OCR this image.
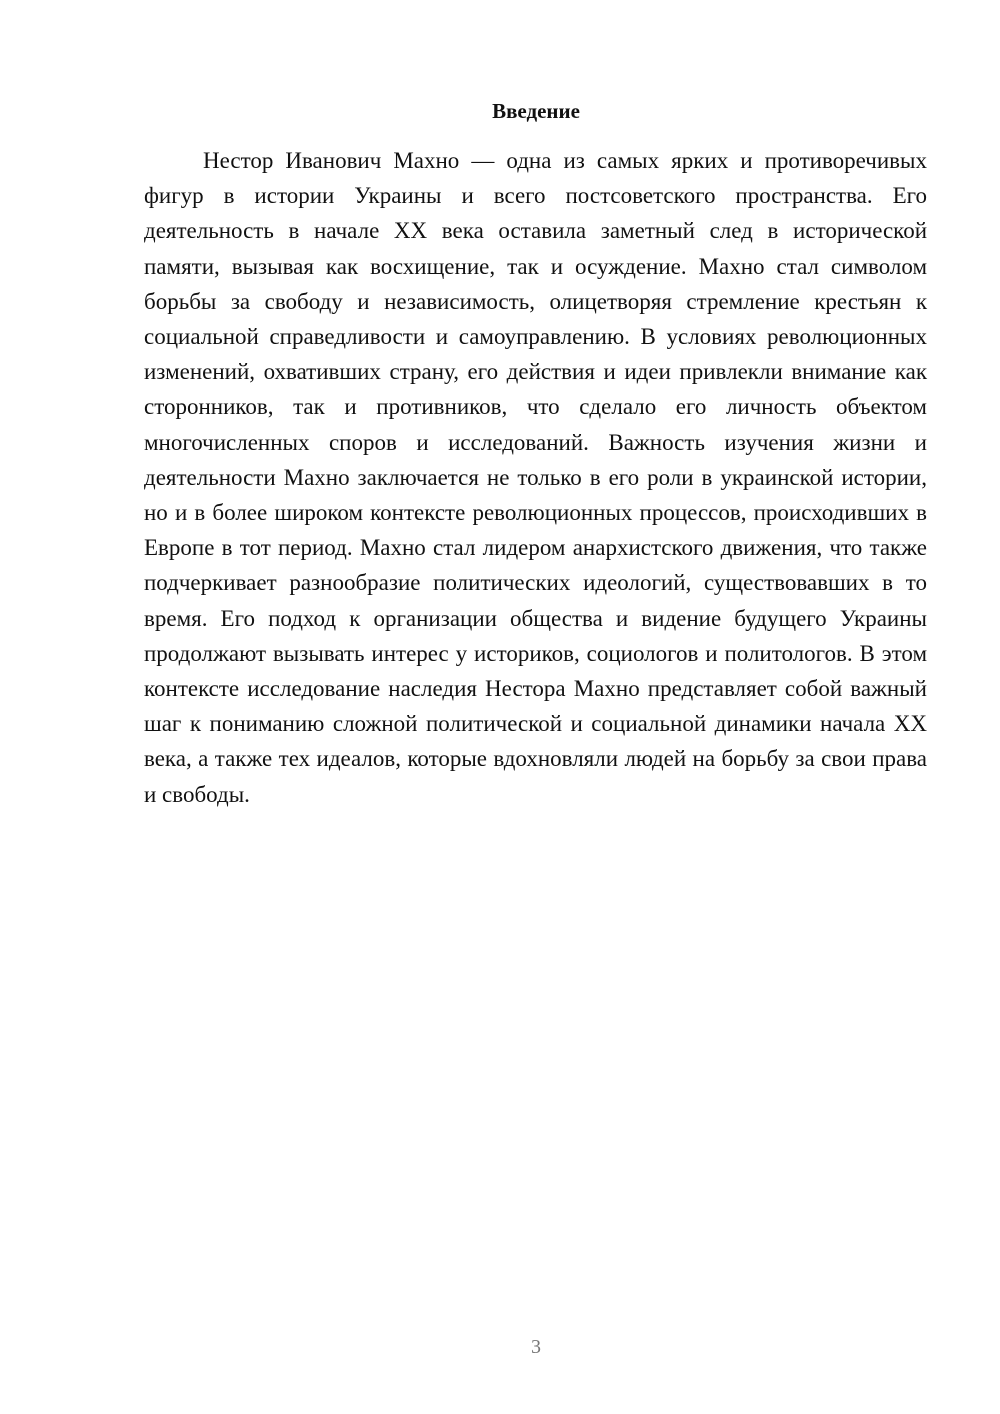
Введение

Нестор Иванович Махно — одна из самых ярких и противоречивых фигур в истории Украины и всего постсоветского пространства. Его деятельность в начале XX века оставила заметный след в исторической памяти, вызывая как восхищение, так и осуждение. Махно стал символом борьбы за свободу и независимость, олицетворяя стремление крестьян к социальной справедливости и самоуправлению. В условиях революционных изменений, охвативших страну, его действия и идеи привлекли внимание как сторонников, так и противников, что сделало его личность объектом многочисленных споров и исследований. Важность изучения жизни и деятельности Махно заключается не только в его роли в украинской истории, но и в более широком контексте революционных процессов, происходивших в Европе в тот период. Махно стал лидером анархистского движения, что также подчеркивает разнообразие политических идеологий, существовавших в то время. Его подход к организации общества и видение будущего Украины продолжают вызывать интерес у историков, социологов и политологов. В этом контексте исследование наследия Нестора Махно представляет собой важный шаг к пониманию сложной политической и социальной динамики начала XX века, а также тех идеалов, которые вдохновляли людей на борьбу за свои права и свободы.

3
